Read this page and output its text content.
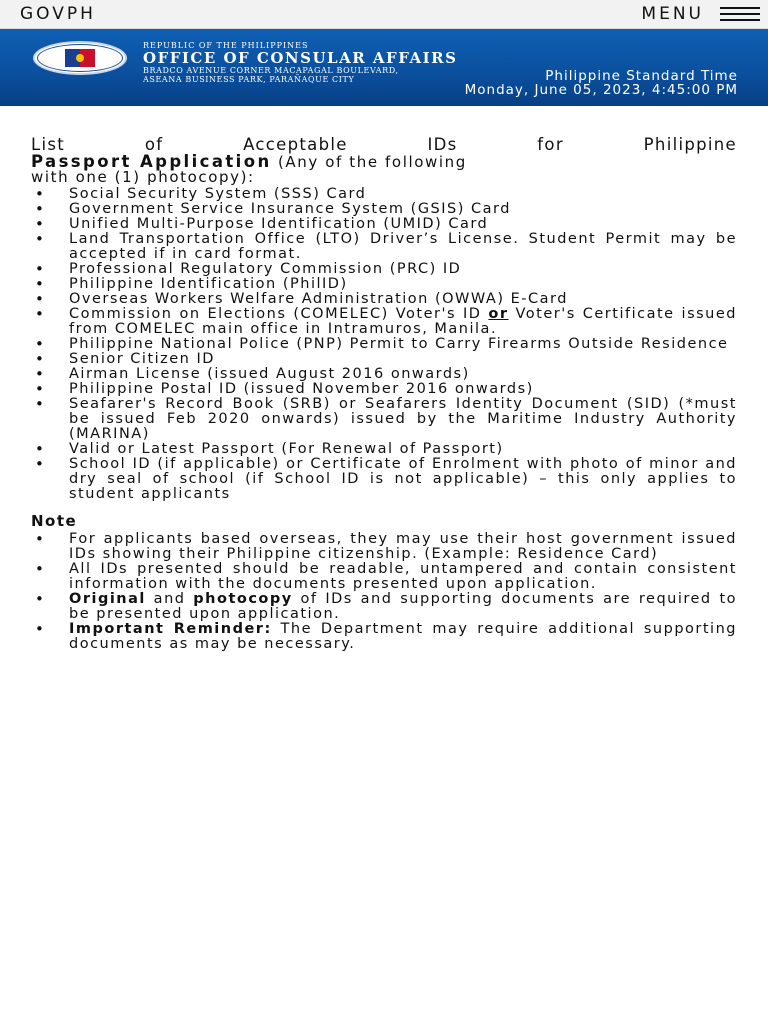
GOVPH	MENU
REPUBLIC OF THE PHILIPPINES
OFFICE OF CONSULAR AFFAIRS
BRADCO AVENUE CORNER MACAPAGAL BOULEVARD,
ASEANA BUSINESS PARK, PARAÑAQUE CITY	Philippine Standard Time
Monday, June 05, 2023, 4:45:00 PM

List of Acceptable IDs for Philippine

Passport Application (Any of the following
with one (1) photocopy):

• Social Security System (SSS) Card
• Government Service Insurance System (GSIS) Card
• Unified Multi-Purpose Identification (UMID) Card
• Land Transportation Office (LTO) Driver’s License. Student Permit may be accepted if in card format.
• Professional Regulatory Commission (PRC) ID
• Philippine Identification (PhilID)
• Overseas Workers Welfare Administration (OWWA) E-Card
• Commission on Elections (COMELEC) Voter's ID or Voter's Certificate issued from COMELEC main office in Intramuros, Manila.
• Philippine National Police (PNP) Permit to Carry Firearms Outside Residence
• Senior Citizen ID
• Airman License (issued August 2016 onwards)
• Philippine Postal ID (issued November 2016 onwards)
• Seafarer's Record Book (SRB) or Seafarers Identity Document (SID) (*must be issued Feb 2020 onwards) issued by the Maritime Industry Authority (MARINA)
• Valid or Latest Passport (For Renewal of Passport)
• School ID (if applicable) or Certificate of Enrolment with photo of minor and dry seal of school (if School ID is not applicable) – this only applies to student applicants
Note
• For applicants based overseas, they may use their host government issued IDs showing their Philippine citizenship. (Example: Residence Card)
• All IDs presented should be readable, untampered and contain consistent information with the documents presented upon application.
• Original and photocopy of IDs and supporting documents are required to be presented upon application.
• Important Reminder: The Department may require additional supporting documents as may be necessary.
